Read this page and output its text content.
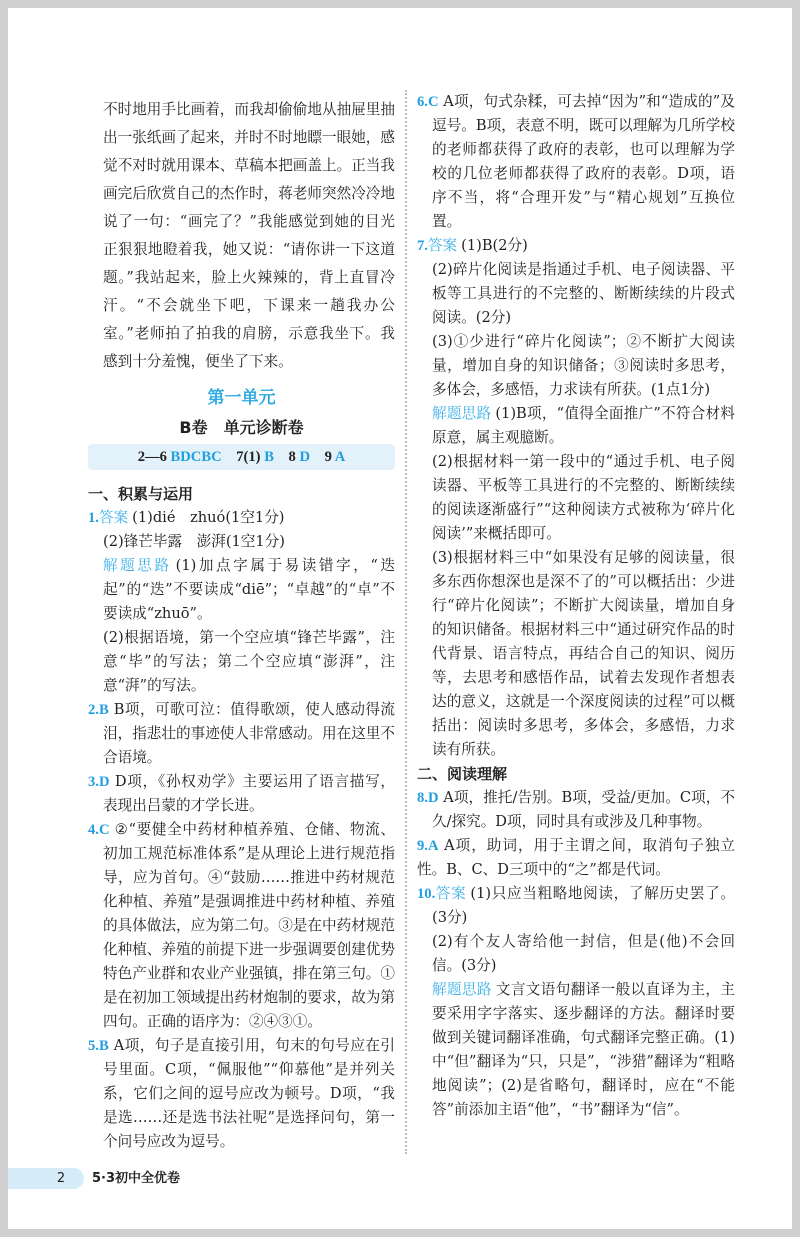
不时地用手比画着，而我却偷偷地从抽屉里抽出一张纸画了起来，并时不时地瞟一眼她，感觉不对时就用课本、草稿本把画盖上。正当我画完后欣赏自己的杰作时，蒋老师突然冷冷地说了一句：“画完了？”我能感觉到她的目光正狠狠地瞪着我，她又说：“请你讲一下这道题。”我站起来，脸上火辣辣的，背上直冒冷汗。“不会就坐下吧，下课来一趟我办公室。”老师拍了拍我的肩膀，示意我坐下。我感到十分羞愧，便坐了下来。
第一单元
B卷　单元诊断卷
2—6 BDCBC 7(1) B 8 D 9 A
一、积累与运用

1.答案 (1)dié　zhuó(1空1分)

(2)锋芒毕露　澎湃(1空1分)

解题思路 (1)加点字属于易读错字，“迭起”的“迭”不要读成“diē”；“卓越”的“卓”不要读成“zhuō”。

(2)根据语境，第一个空应填“锋芒毕露”，注意“毕”的写法；第二个空应填“澎湃”，注意“湃”的写法。

2.B B项，可歌可泣：值得歌颂，使人感动得流泪，指悲壮的事迹使人非常感动。用在这里不合语境。

3.D D项，《孙权劝学》主要运用了语言描写，表现出吕蒙的才学长进。

4.C ②“要健全中药材种植养殖、仓储、物流、初加工规范标准体系”是从理论上进行规范指导，应为首句。④“鼓励……推进中药材规范化种植、养殖”是强调推进中药材种植、养殖的具体做法，应为第二句。③是在中药材规范化种植、养殖的前提下进一步强调要创建优势特色产业群和农业产业强镇，排在第三句。①是在初加工领域提出药材炮制的要求，故为第四句。正确的语序为：②④③①。

5.B A项，句子是直接引用，句末的句号应在引号里面。C项，“佩服他”“仰慕他”是并列关系，它们之间的逗号应改为顿号。D项，“我是选……还是选书法社呢”是选择问句，第一个问号应改为逗号。

6.C A项，句式杂糅，可去掉“因为”和“造成的”及逗号。B项，表意不明，既可以理解为几所学校的老师都获得了政府的表彰，也可以理解为学校的几位老师都获得了政府的表彰。D项，语序不当，将“合理开发”与“精心规划”互换位置。

7.答案 (1)B(2分)

(2)碎片化阅读是指通过手机、电子阅读器、平板等工具进行的不完整的、断断续续的片段式阅读。(2分)

(3)①少进行“碎片化阅读”；②不断扩大阅读量，增加自身的知识储备；③阅读时多思考，多体会，多感悟，力求读有所获。(1点1分)

解题思路 (1)B项，“值得全面推广”不符合材料原意，属主观臆断。

(2)根据材料一第一段中的“通过手机、电子阅读器、平板等工具进行的不完整的、断断续续的阅读逐渐盛行”“这种阅读方式被称为‘碎片化阅读’”来概括即可。

(3)根据材料三中“如果没有足够的阅读量，很多东西你想深也是深不了的”可以概括出：少进行“碎片化阅读”；不断扩大阅读量，增加自身的知识储备。根据材料三中“通过研究作品的时代背景、语言特点，再结合自己的知识、阅历等，去思考和感悟作品，试着去发现作者想表达的意义，这就是一个深度阅读的过程”可以概括出：阅读时多思考，多体会，多感悟，力求读有所获。

二、阅读理解

8.D A项，推托/告别。B项，受益/更加。C项，不久/探究。D项，同时具有或涉及几种事物。

9.A A项，助词，用于主谓之间，取消句子独立性。B、C、D三项中的“之”都是代词。

10.答案 (1)只应当粗略地阅读，了解历史罢了。(3分)

(2)有个友人寄给他一封信，但是(他)不会回信。(3分)

解题思路 文言文语句翻译一般以直译为主，主要采用字字落实、逐步翻译的方法。翻译时要做到关键词翻译准确，句式翻译完整正确。(1)中“但”翻译为“只，只是”，“涉猎”翻译为“粗略地阅读”；(2)是省略句，翻译时，应在“不能答”前添加主语“他”，“书”翻译为“信”。

2	5·3初中全优卷
